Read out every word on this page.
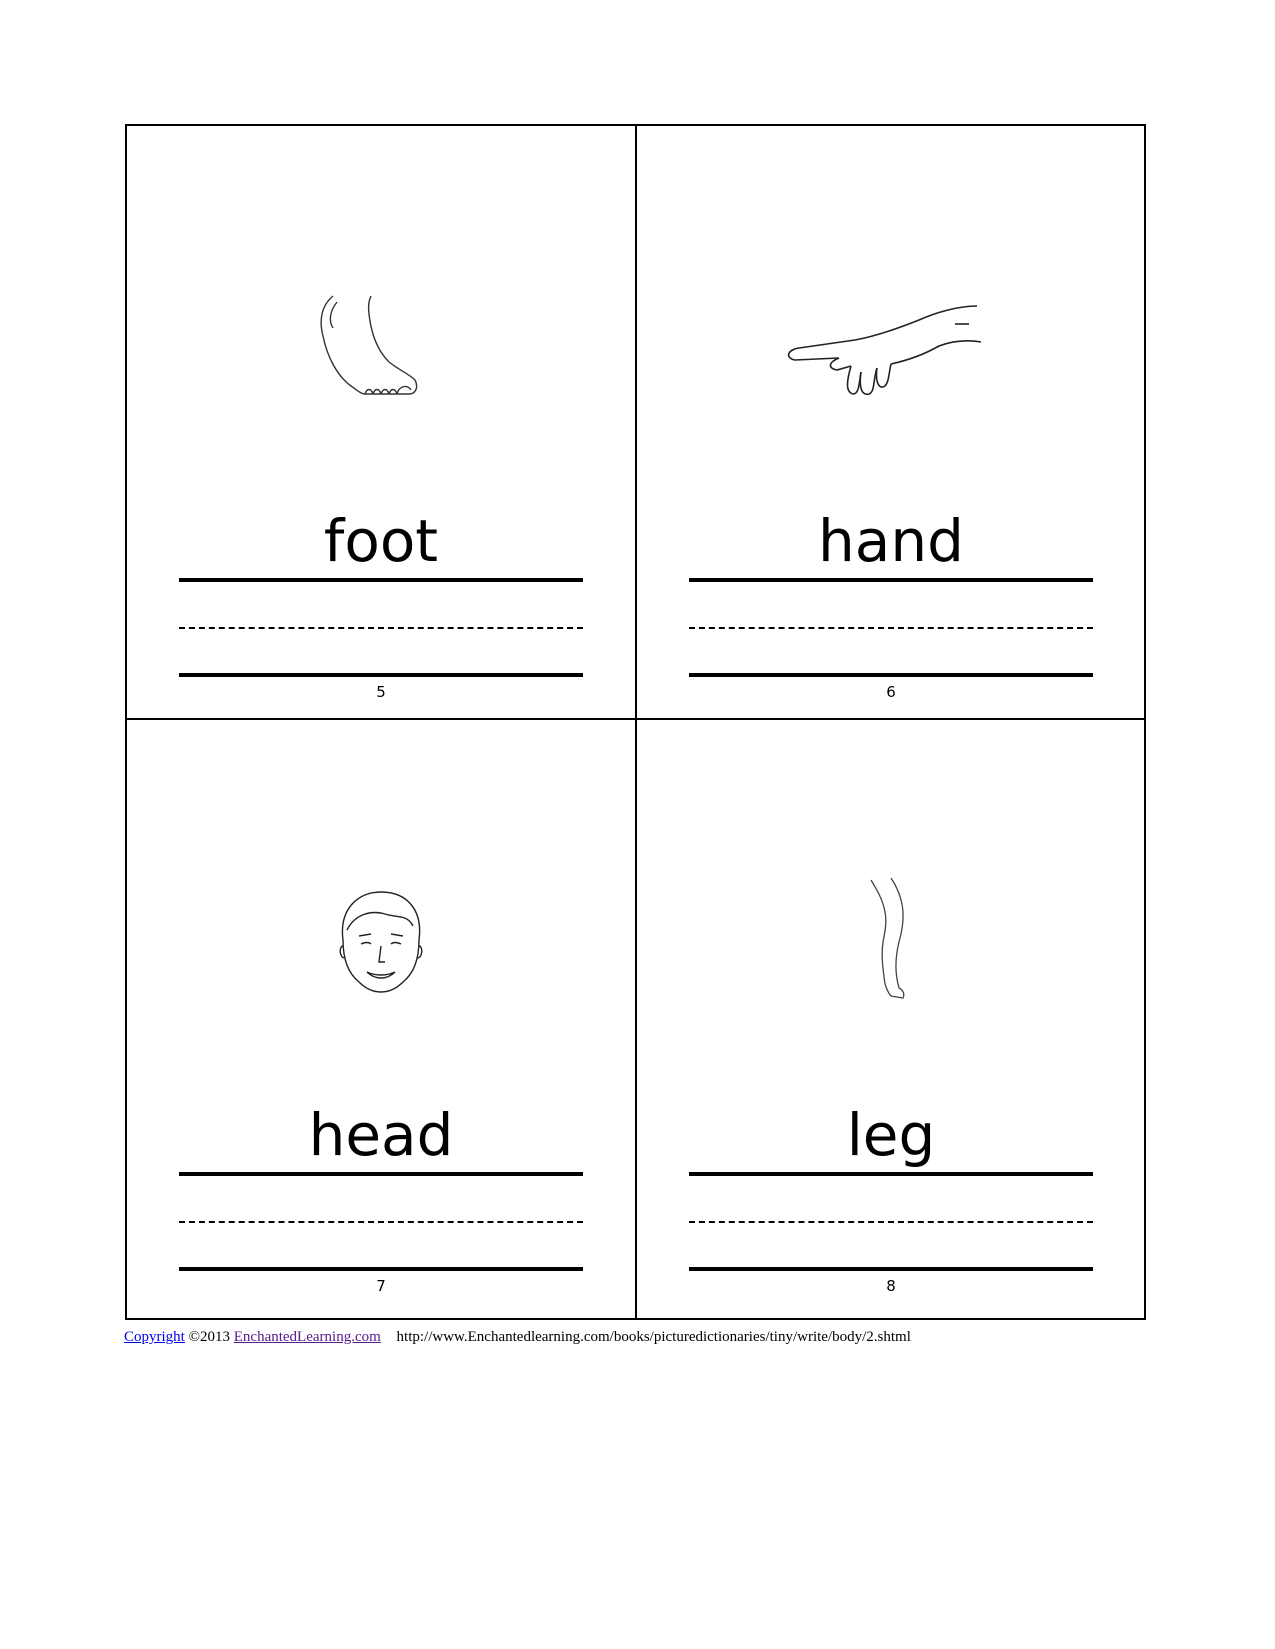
foot
5
hand
6
head
7
leg
8
Copyright ©2013 EnchantedLearning.com http://www.Enchantedlearning.com/books/picturedictionaries/tiny/write/body/2.shtml
